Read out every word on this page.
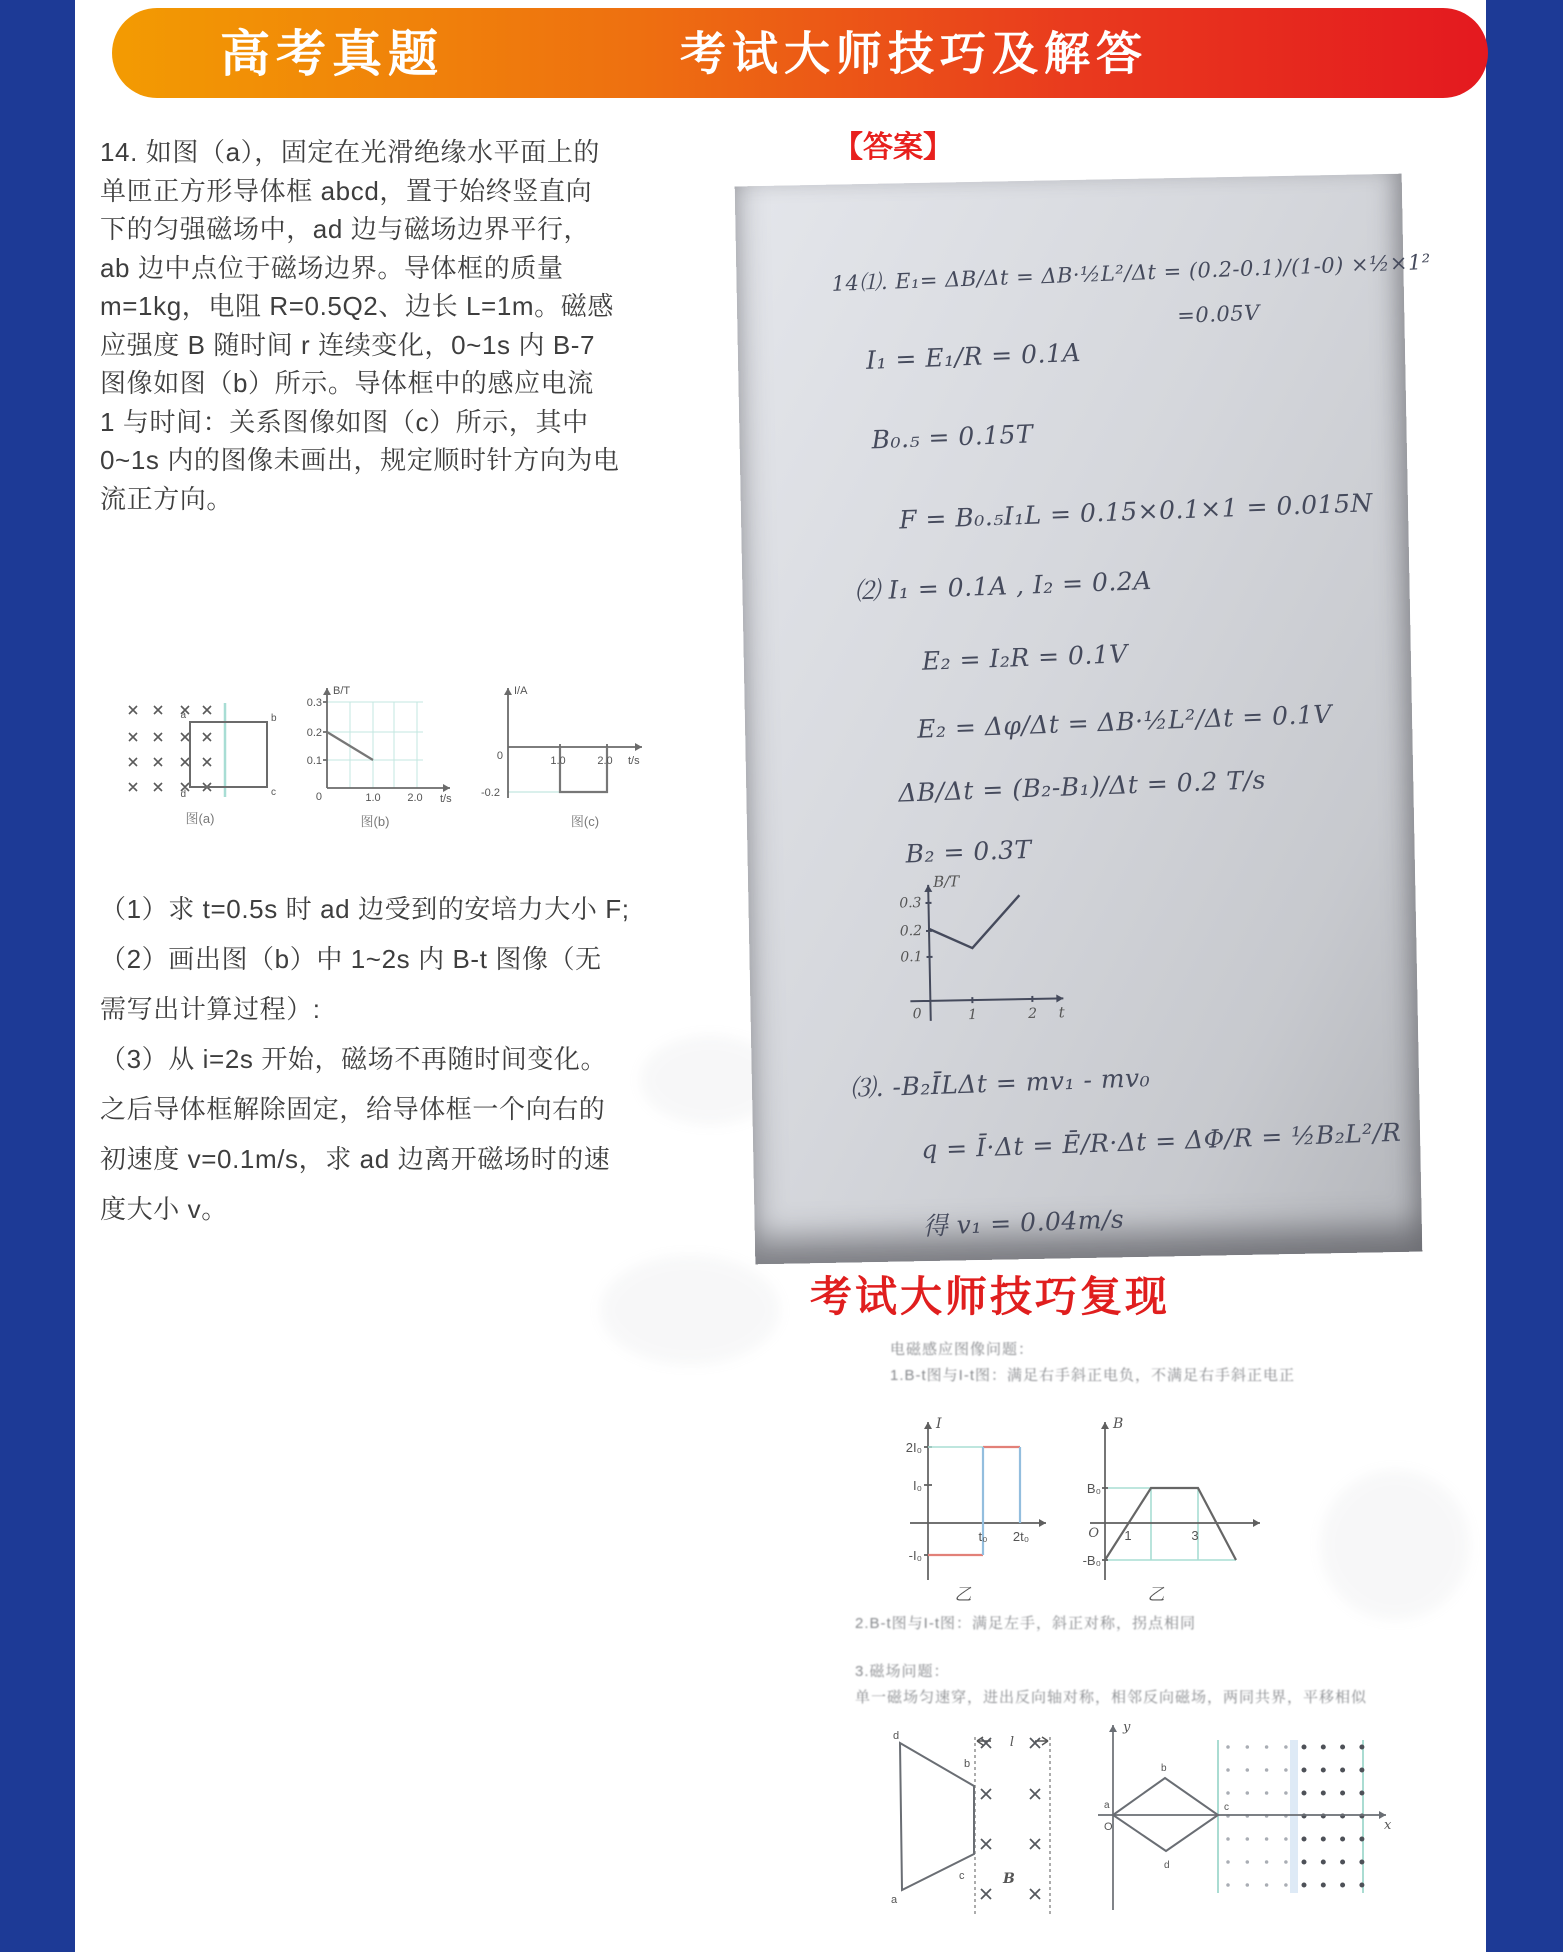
高考真题	考试大师技巧及解答
14. 如图（a），固定在光滑绝缘水平面上的
单匝正方形导体框 abcd，置于始终竖直向
下的匀强磁场中，ad 边与磁场边界平行，
ab 边中点位于磁场边界。导体框的质量
m=1kg，电阻 R=0.5Q2、边长 L=1m。磁感
应强度 B 随时间 r 连续变化，0~1s 内 B-7
图像如图（b）所示。导体框中的感应电流
1 与时间：关系图像如图（c）所示，其中
0~1s 内的图像未画出，规定顺时针方向为电
流正方向。
a	b
c
d
图(a)
B/T
0.3
0.2
0.1
0	1.0 2.0 t/s
图(b)
I/A
0
-0.2
1.0	2.0 t/s
图(c)
（1）求 t=0.5s 时 ad 边受到的安培力大小 F;
（2）画出图（b）中 1~2s 内 B-t 图像（无
需写出计算过程）:
（3）从 i=2s 开始，磁场不再随时间变化。
之后导体框解除固定，给导体框一个向右的
初速度 v=0.1m/s，求 ad 边离开磁场时的速
度大小 v。
【答案】
14⑴. E₁= ΔB/Δt = ΔB·½L²/Δt = (0.2-0.1)/(1-0) ×½×1²
=0.05V
I₁ = E₁/R = 0.1A
B₀.₅ = 0.15T
F = B₀.₅I₁L = 0.15×0.1×1 = 0.015N
⑵ I₁ = 0.1A , I₂ = 0.2A
E₂ = I₂R = 0.1V
E₂ = Δφ/Δt = ΔB·½L²/Δt = 0.1V
ΔB/Δt = (B₂-B₁)/Δt = 0.2 T/s
B₂ = 0.3T
B/T
0.3
0.2
0.1
0	1	2 t
⑶. -B₂ĪLΔt = mv₁ - mv₀
q = Ī·Δt = Ē/R·Δt = ΔΦ/R = ½B₂L²/R
得 v₁ = 0.04m/s
考试大师技巧复现
电磁感应图像问题：
1.B-t图与I-t图：满足右手斜正电负，不满足右手斜正电正
I
2I₀
I₀
-I₀
t₀ 2t₀
乙
B
B₀
-B₀
O 1	3
乙
2.B-t图与I-t图：满足左手，斜正对称，拐点相同
3.磁场问题：
单一磁场匀速穿，进出反向轴对称，相邻反向磁场，两同共界，平移相似
l
d
b
a
c	B
y
x
O
a
b
c
d
